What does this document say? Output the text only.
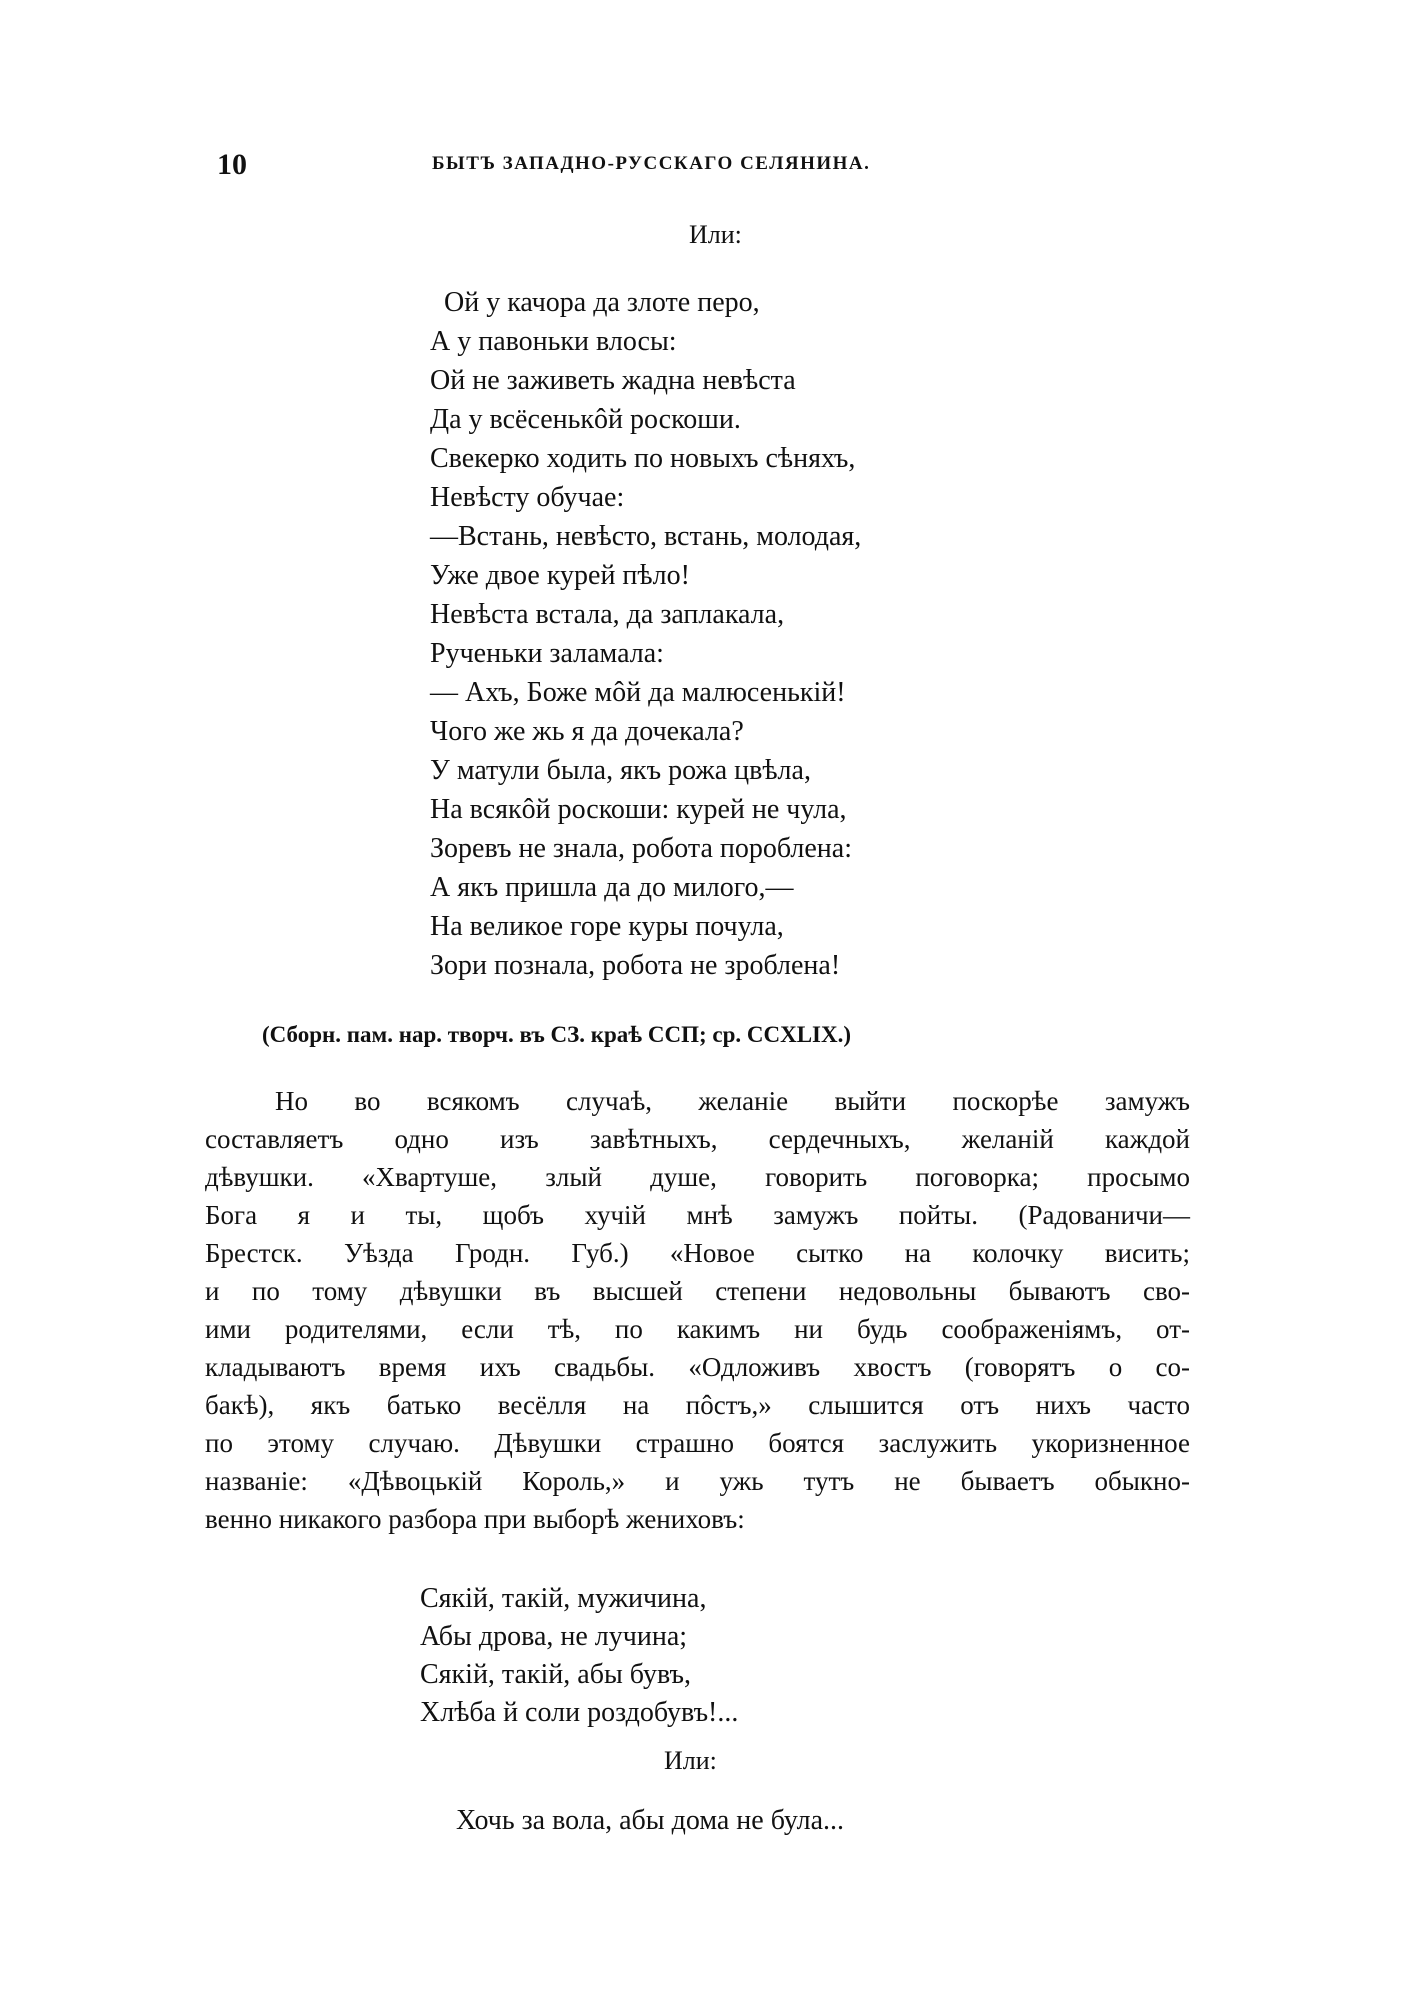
10	БЫТЪ ЗАПАДНО-РУССКАГО СЕЛЯНИНА.
Или:
Ой у качора да злоте перо,
А у павоньки влосы:
Ой не заживеть жадна невѣста
Да у всёсенькôй роскоши.
Свекерко ходить по новыхъ сѣняхъ,
Невѣсту обучае:
—Встань, невѣсто, встань, молодая,
Уже двое курей пѣло!
Невѣста встала, да заплакала,
Рученьки заламала:
— Ахъ, Боже мôй да малюсенькій!
Чого же жь я да дочекала?
У матули была, якъ рожа цвѣла,
На всякôй роскоши: курей не чула,
Зоревъ не знала, робота пороблена:
А якъ пришла да до милого,—
На великое горе куры почула,
Зори познала, робота не зроблена!
(Сборн. пам. нар. творч. въ СЗ. краѣ ССП; ср. CCXLIX.)
Но во всякомъ случаѣ, желаніе выйти поскорѣе замужъ
составляетъ одно изъ завѣтныхъ, сердечныхъ, желаній каждой
дѣвушки. «Хвартуше, злый душе, говорить поговорка; просымо
Бога я и ты, щобъ хучій мнѣ замужъ пойты. (Радованичи—
Брестск. Уѣзда Гродн. Губ.) «Новое сытко на колочку висить;
и по тому дѣвушки въ высшей степени недовольны бываютъ сво-
ими родителями, если тѣ, по какимъ ни будь соображеніямъ, от-
кладываютъ время ихъ свадьбы. «Одложивъ хвостъ (говорятъ о со-
бакѣ), якъ батько весёлля на пôстъ,» слышится отъ нихъ часто
по этому случаю. Дѣвушки страшно боятся заслужить укоризненное
названіе: «Дѣвоцькій Король,» и ужь тутъ не бываетъ обыкно-
венно никакого разбора при выборѣ жениховъ:
Сякій, такій, мужичина,
Абы дрова, не лучина;
Сякій, такій, абы бувъ,
Хлѣба й соли роздобувъ!...
Или:
Хочь за вола, абы дома не була...
